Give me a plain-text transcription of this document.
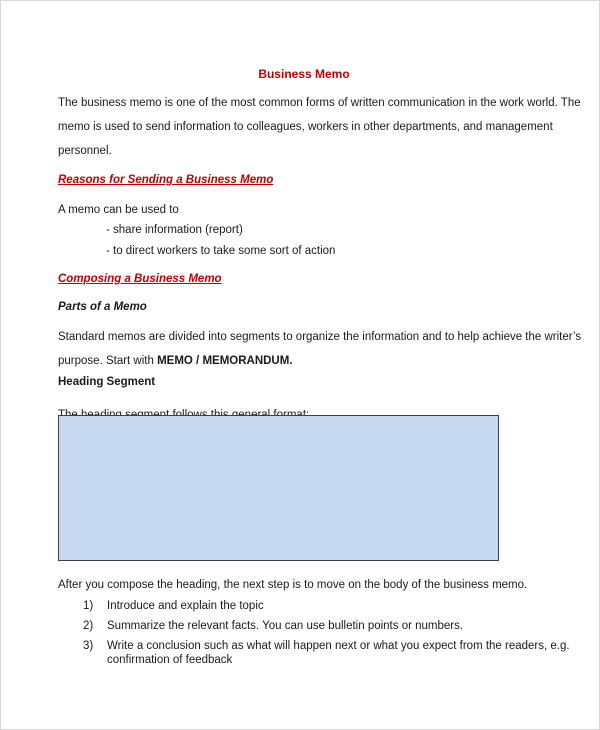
Business Memo
The business memo is one of the most common forms of written communication in the work world. The
memo is used to send information to colleagues, workers in other departments, and management
personnel.
Reasons for Sending a Business Memo
A memo can be used to
- share information (report)
- to direct workers to take some sort of action
Composing a Business Memo
Parts of a Memo
Standard memos are divided into segments to organize the information and to help achieve the writer’s
purpose. Start with MEMO / MEMORANDUM.
Heading Segment
After you compose the heading, the next step is to move on the body of the business memo.
1)	Introduce and explain the topic
2)	Summarize the relevant facts. You can use bulletin points or numbers.
3)	Write a conclusion such as what will happen next or what you expect from the readers, e.g.
confirmation of feedback
